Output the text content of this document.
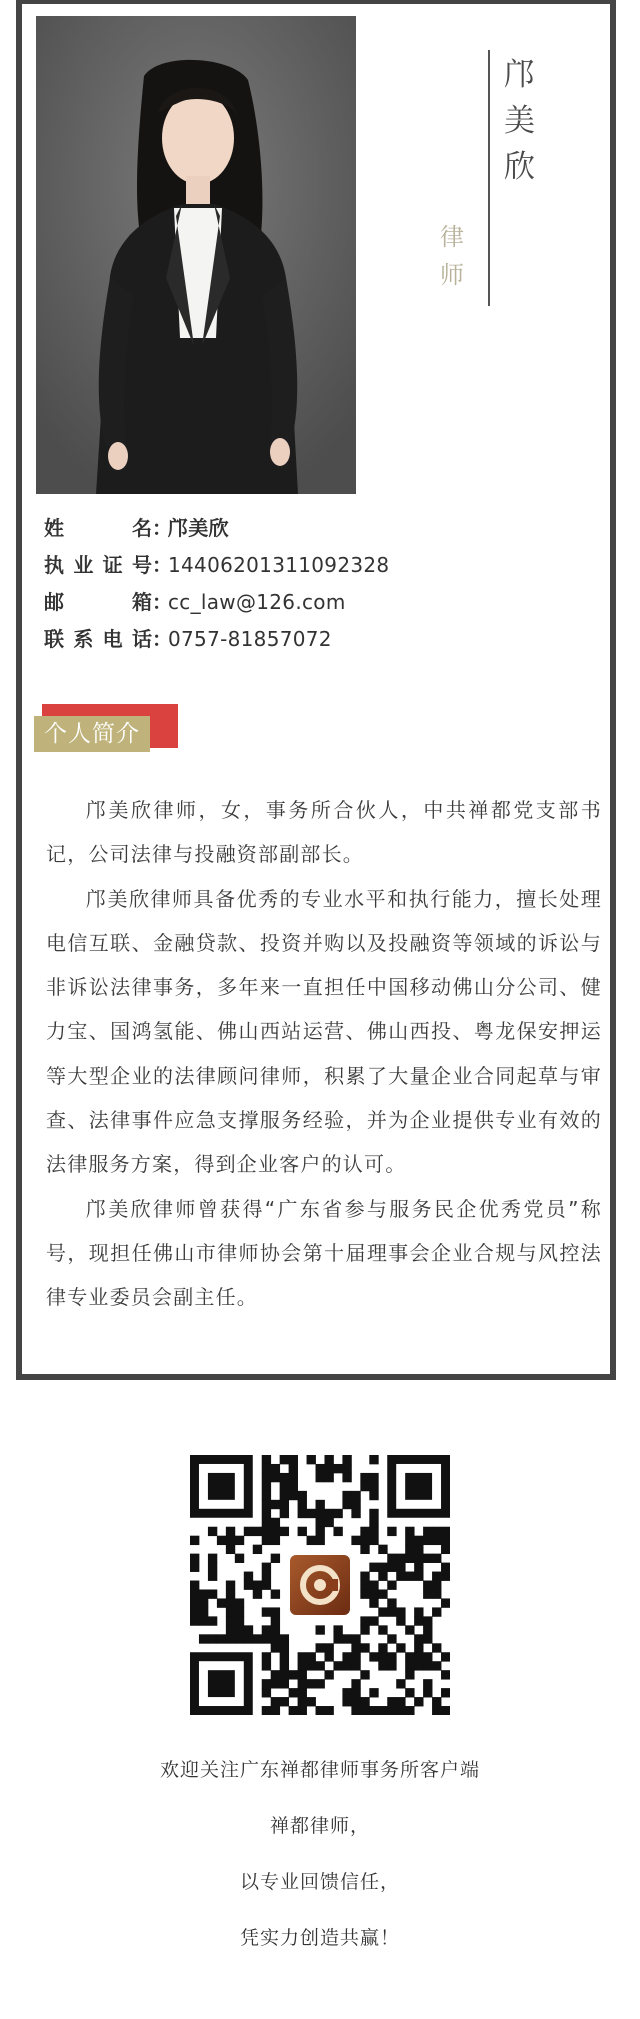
邝
美
欣
律
师
姓 名 ：
邝美欣
执业证号 ：
14406201311092328
邮 箱 ：
cc_law@126.com
联系电话 ：
0757-81857072
个人简介

邝美欣律师，女，事务所合伙人，中共禅都党支部书记，公司法律与投融资部副部长。

邝美欣律师具备优秀的专业水平和执行能力，擅长处理电信互联、金融贷款、投资并购以及投融资等领域的诉讼与非诉讼法律事务，多年来一直担任中国移动佛山分公司、健力宝、国鸿氢能、佛山西站运营、佛山西投、粤龙保安押运等大型企业的法律顾问律师，积累了大量企业合同起草与审查、法律事件应急支撑服务经验，并为企业提供专业有效的法律服务方案，得到企业客户的认可。

邝美欣律师曾获得“广东省参与服务民企优秀党员”称号，现担任佛山市律师协会第十届理事会企业合规与风控法律专业委员会副主任。

欢迎关注广东禅都律师事务所客户端
禅都律师，
以专业回馈信任，
凭实力创造共赢！
